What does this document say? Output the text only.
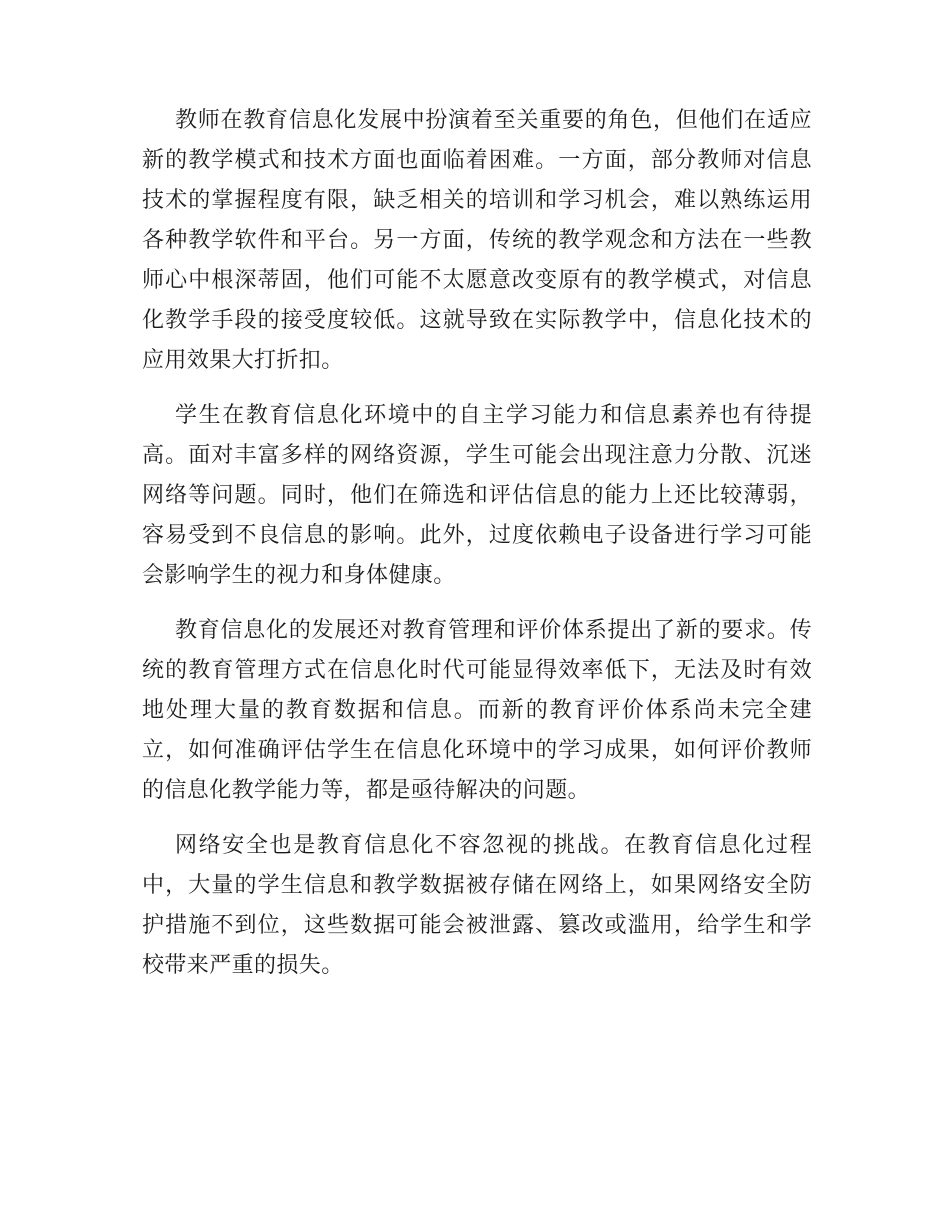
教师在教育信息化发展中扮演着至关重要的角色，但他们在适应新的教学模式和技术方面也面临着困难。一方面，部分教师对信息技术的掌握程度有限，缺乏相关的培训和学习机会，难以熟练运用各种教学软件和平台。另一方面，传统的教学观念和方法在一些教师心中根深蒂固，他们可能不太愿意改变原有的教学模式，对信息化教学手段的接受度较低。这就导致在实际教学中，信息化技术的应用效果大打折扣。

学生在教育信息化环境中的自主学习能力和信息素养也有待提高。面对丰富多样的网络资源，学生可能会出现注意力分散、沉迷网络等问题。同时，他们在筛选和评估信息的能力上还比较薄弱，容易受到不良信息的影响。此外，过度依赖电子设备进行学习可能会影响学生的视力和身体健康。

教育信息化的发展还对教育管理和评价体系提出了新的要求。传统的教育管理方式在信息化时代可能显得效率低下，无法及时有效地处理大量的教育数据和信息。而新的教育评价体系尚未完全建立，如何准确评估学生在信息化环境中的学习成果，如何评价教师的信息化教学能力等，都是亟待解决的问题。

网络安全也是教育信息化不容忽视的挑战。在教育信息化过程中，大量的学生信息和教学数据被存储在网络上，如果网络安全防护措施不到位，这些数据可能会被泄露、篡改或滥用，给学生和学校带来严重的损失。
